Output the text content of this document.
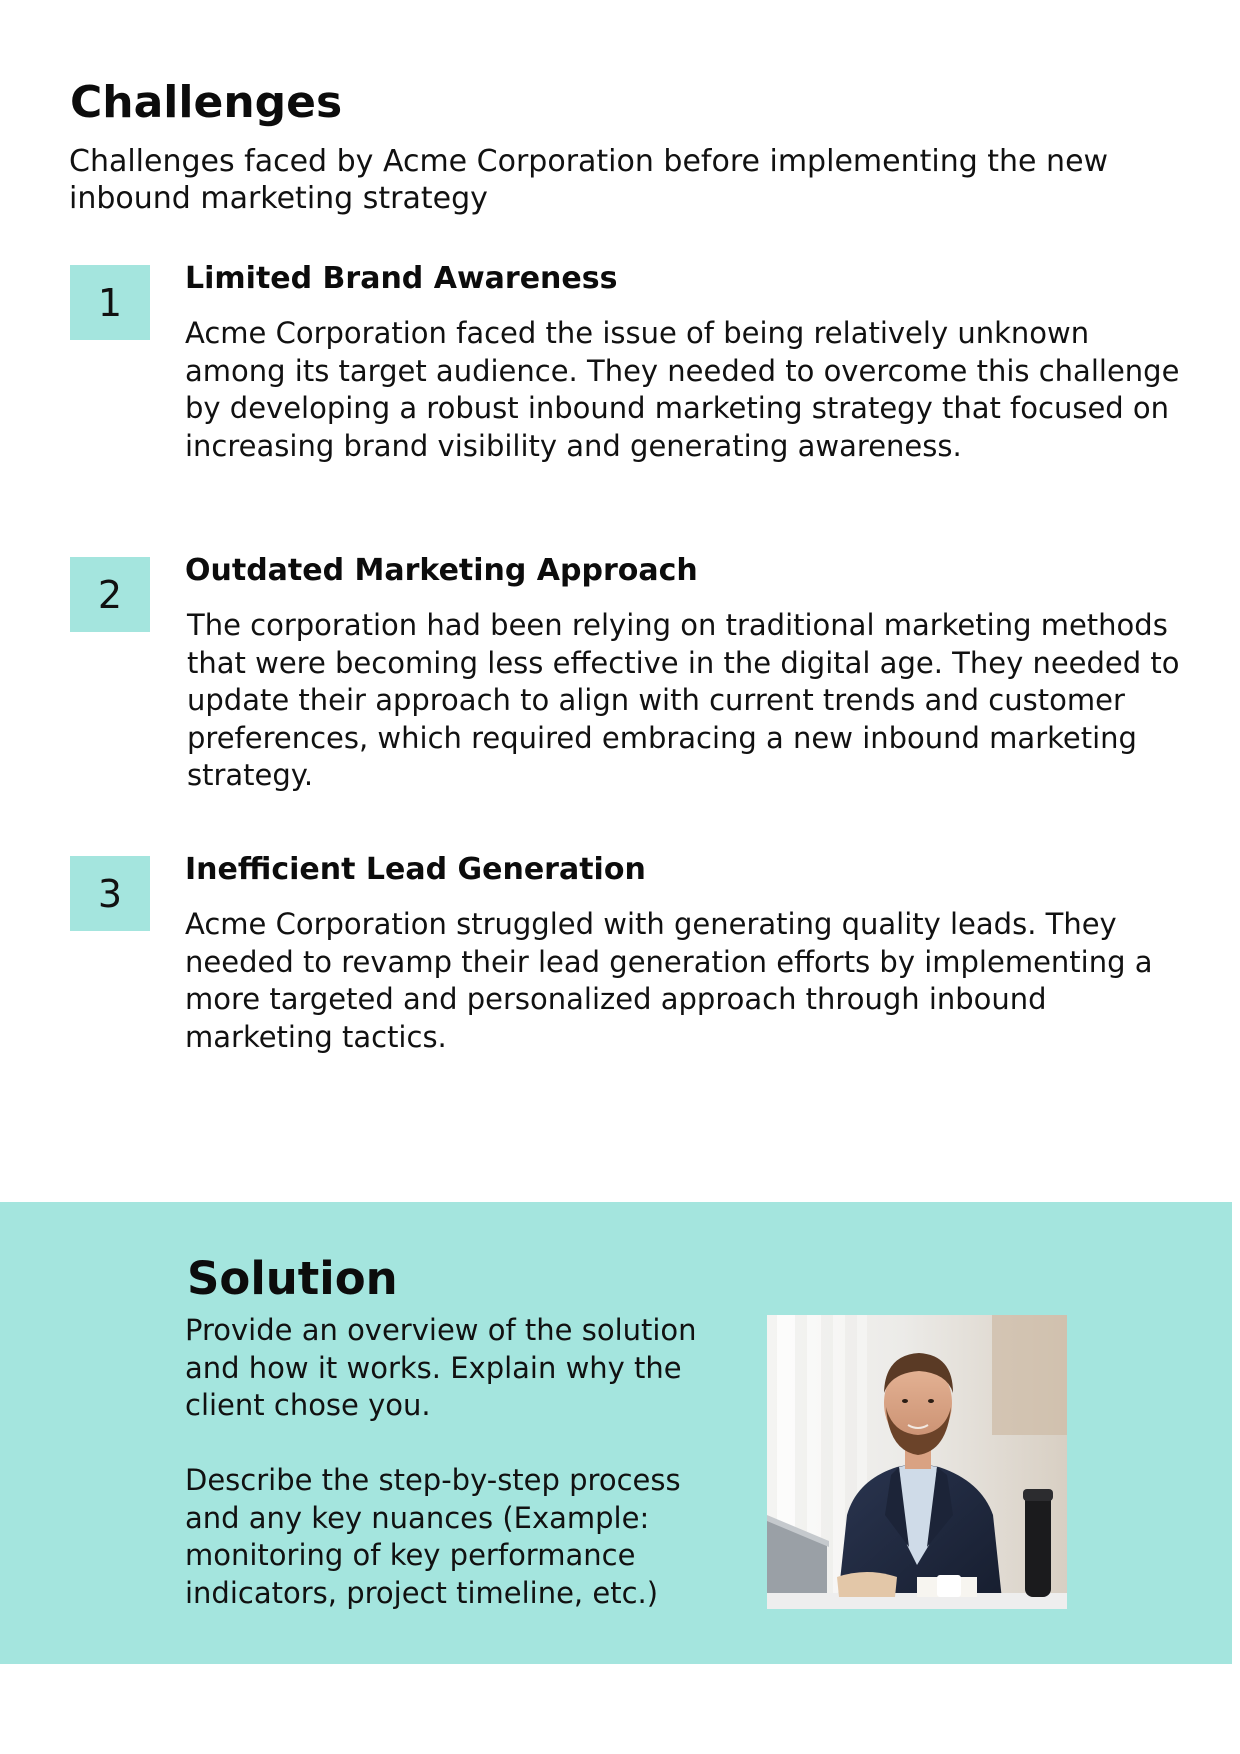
Challenges

Challenges faced by Acme Corporation before implementing the new inbound marketing strategy

1
Limited Brand Awareness

Acme Corporation faced the issue of being relatively unknown among its target audience. They needed to overcome this challenge by developing a robust inbound marketing strategy that focused on increasing brand visibility and generating awareness.

2
Outdated Marketing Approach

The corporation had been relying on traditional marketing methods that were becoming less effective in the digital age. They needed to update their approach to align with current trends and customer preferences, which required embracing a new inbound marketing strategy.

3
Inefficient Lead Generation

Acme Corporation struggled with generating quality leads. They needed to revamp their lead generation efforts by implementing a more targeted and personalized approach through inbound marketing tactics.

Solution

Provide an overview of the solution and how it works. Explain why the client chose you.

Describe the step-by-step process and any key nuances (Example: monitoring of key performance indicators, project timeline, etc.)
